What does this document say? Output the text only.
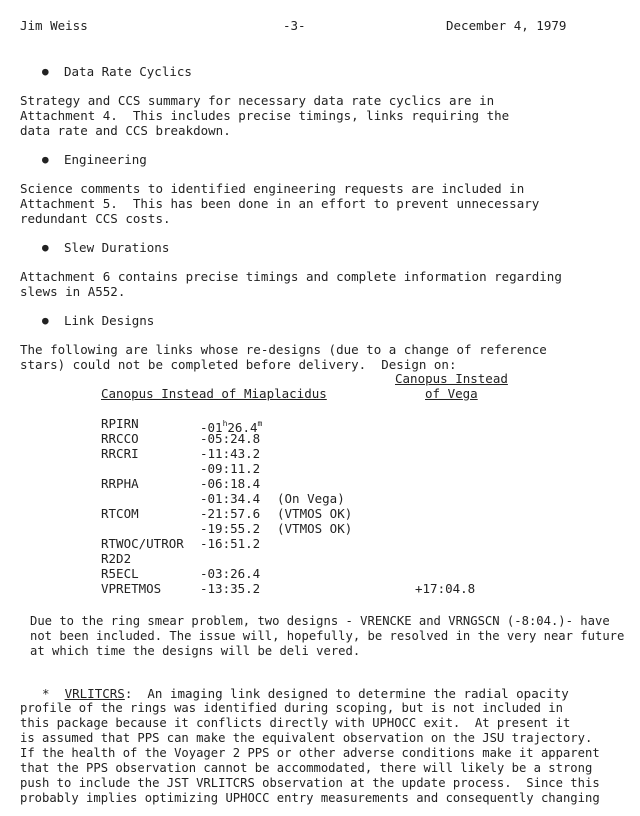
Jim Weiss	-3-	December 4, 1979
● Data Rate Cyclics
Strategy and CCS summary for necessary data rate cyclics are in
Attachment 4.  This includes precise timings, links requiring the
data rate and CCS breakdown.
● Engineering
Science comments to identified engineering requests are included in
Attachment 5.  This has been done in an effort to prevent unnecessary
redundant CCS costs.
● Slew Durations
Attachment 6 contains precise timings and complete information regarding
slews in A552.
● Link Designs
The following are links whose re-designs (due to a change of reference
stars) could not be completed before delivery.  Design on:
Canopus Instead
Canopus Instead of Miaplacidus	of Vega
RPIRN	-01$^h$26.4$^m$
RRCCO	-05:24.8
RRCRI	-11:43.2
-09:11.2
RRPHA	-06:18.4
-01:34.4 (On Vega)
RTCOM	-21:57.6 (VTMOS OK)
-19:55.2 (VTMOS OK)
RTWOC/UTROR -16:51.2
R2D2
R5ECL	-03:26.4
VPRETMOS	-13:35.2	+17:04.8
Due to the ring smear problem, two designs - VRENCKE and VRNGSCN (-8:04.)- have
not been included. The issue will, hopefully, be resolved in the very near future
at which time the designs will be deli vered.
* VRLITCRS:  An imaging link designed to determine the radial opacity
profile of the rings was identified during scoping, but is not included in
this package because it conflicts directly with UPHOCC exit.  At present it
is assumed that PPS can make the equivalent observation on the JSU trajectory.
If the health of the Voyager 2 PPS or other adverse conditions make it apparent
that the PPS observation cannot be accommodated, there will likely be a strong
push to include the JST VRLITCRS observation at the update process.  Since this
probably implies optimizing UPHOCC entry measurements and consequently changing
